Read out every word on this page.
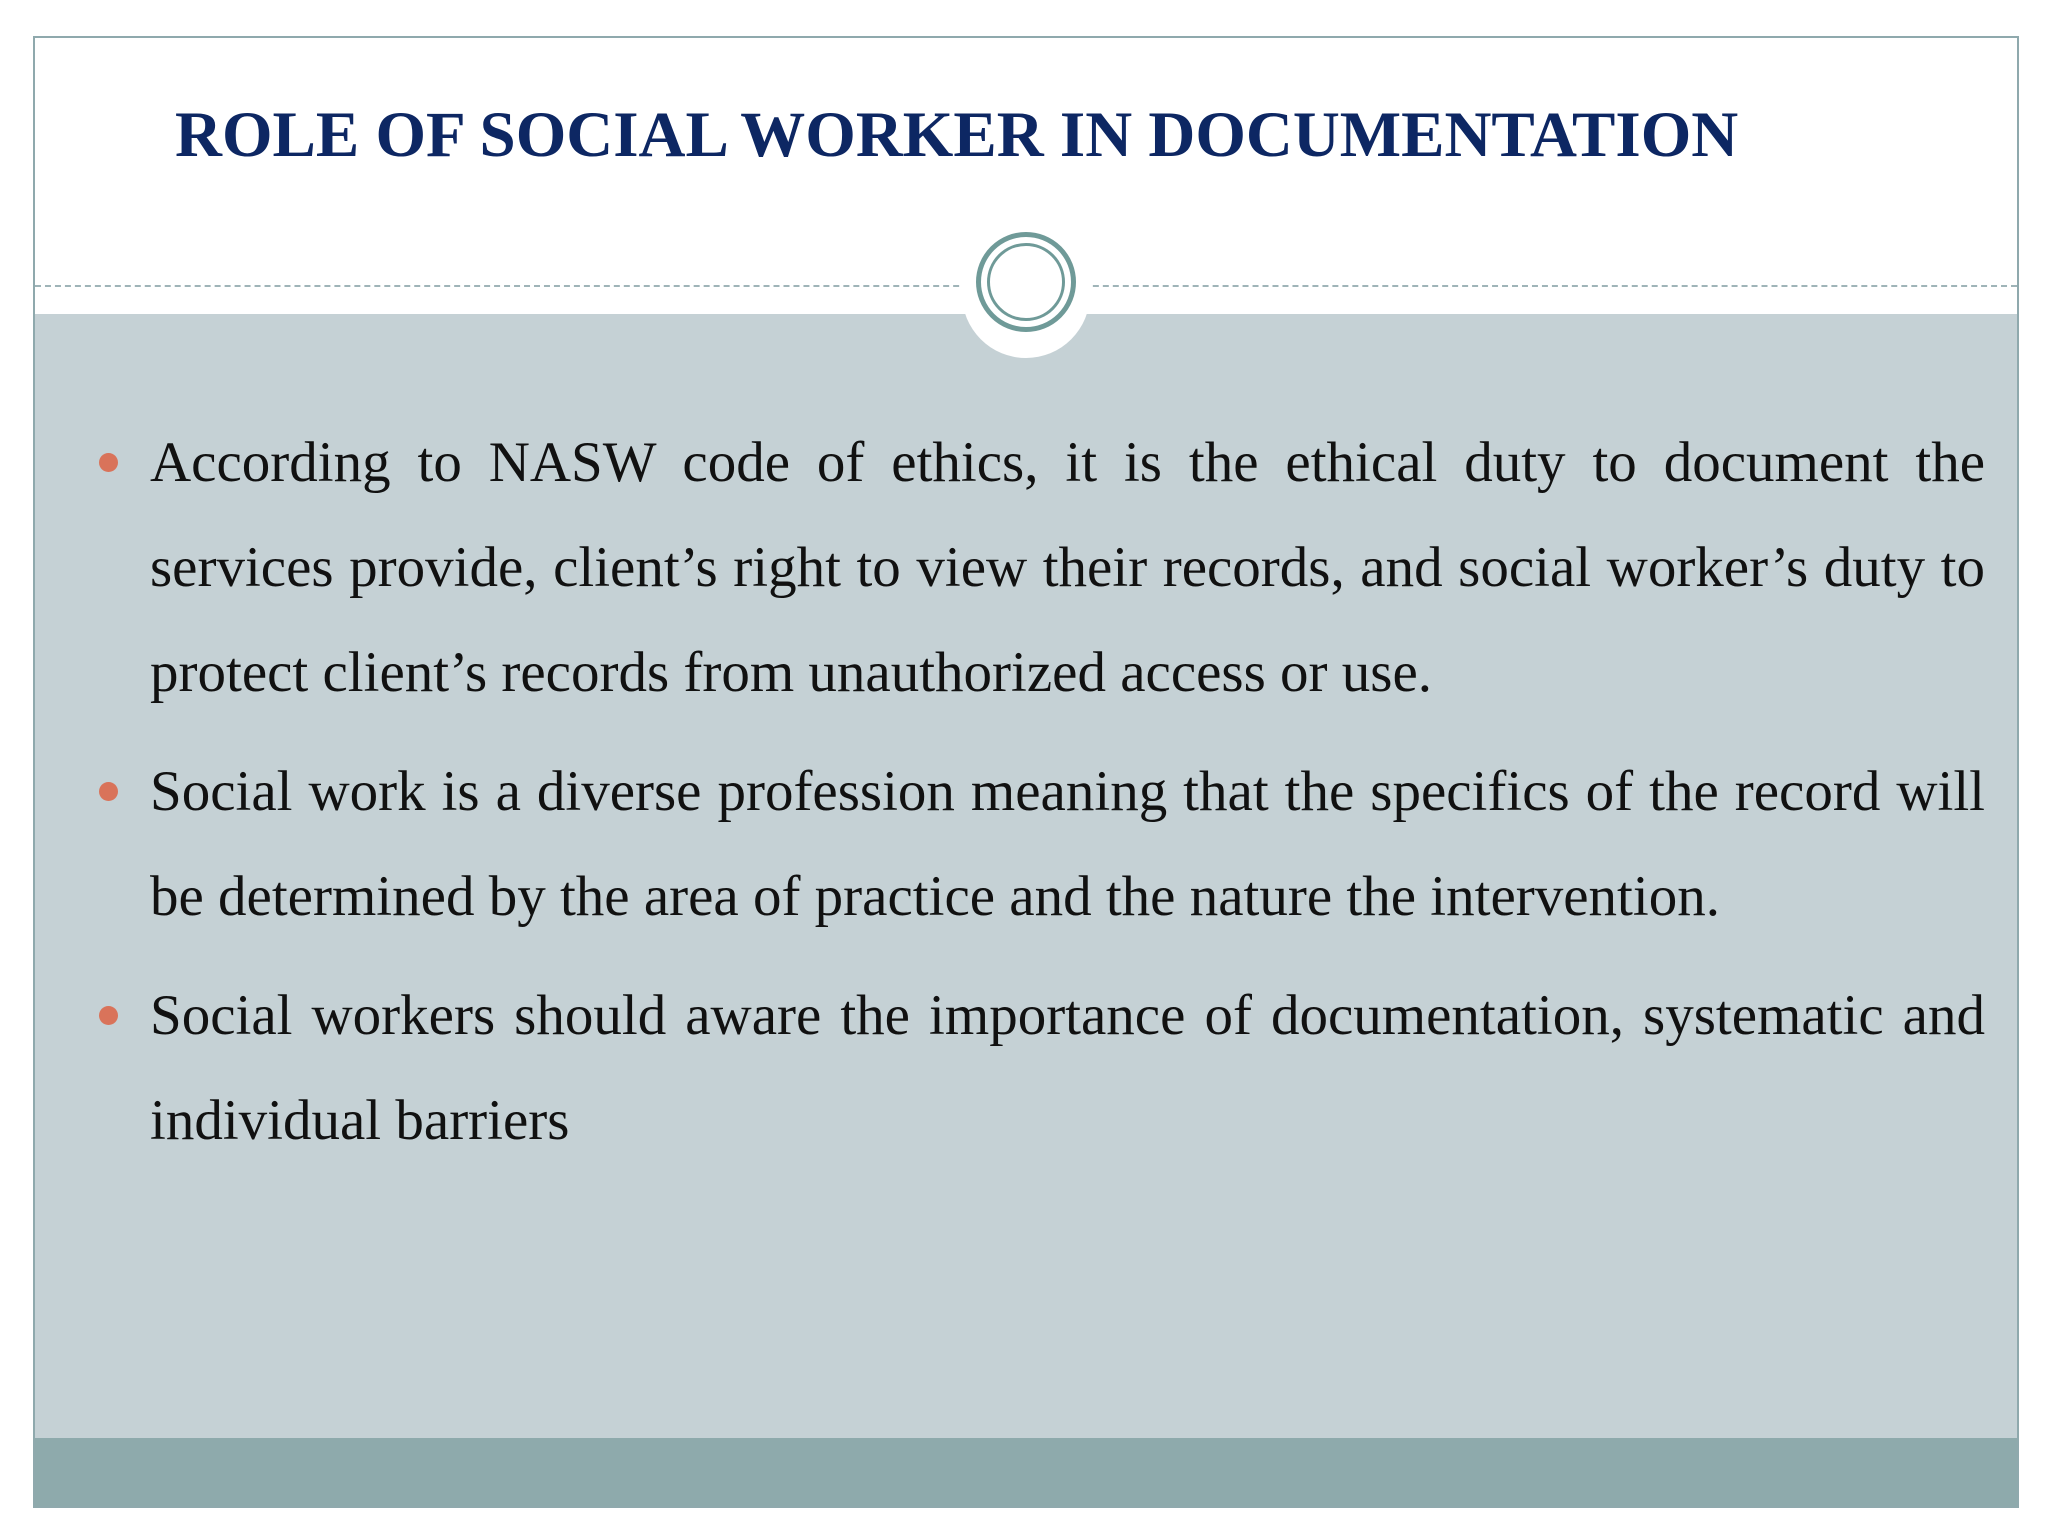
ROLE OF SOCIAL WORKER IN DOCUMENTATION
According to NASW code of ethics, it is the ethical duty to document the services provide, client’s right to view their records, and social worker’s duty to protect client’s records from unauthorized access or use.
Social work is a diverse profession meaning that the specifics of the record will be determined by the area of practice and the nature the intervention.
Social workers should aware the importance of documentation, systematic and individual barriers
